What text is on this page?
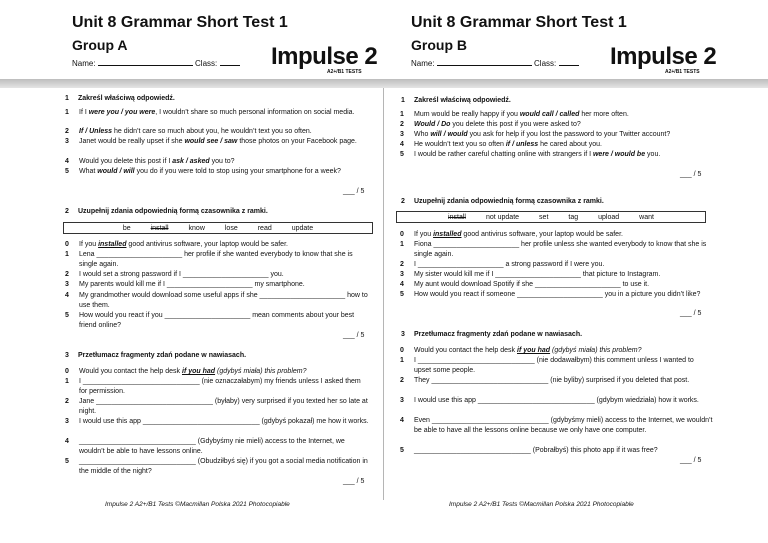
Unit 8 Grammar Short Test 1
Group A
Name:	Class:	Impulse 2
A2+/B1 TESTS
1 Zakreśl właściwą odpowiedź.
1	If I were you / you were, I wouldn’t share so much personal information on social media.
2	If / Unless he didn’t care so much about you, he wouldn’t text you so often.
3	Janet would be really upset if she would see / saw those photos on your Facebook page.
4	Would you delete this post if I ask / asked you to?
5	What would / will you do if you were told to stop using your smartphone for a week?
___ / 5
2 Uzupełnij zdania odpowiednią formą czasownika z ramki.
be	install	know	lose	read	update
0	If you installed good antivirus software, your laptop would be safer.
1	Lena ______________________ her profile if she wanted everybody to know that she is single again.
2	I would set a strong password if I ______________________ you.
3	My parents would kill me if I ______________________ my smartphone.
4	My grandmother would download some useful apps if she ______________________ how to use them.
5	How would you react if you ______________________ mean comments about your best friend online?
___ / 5
3 Przetłumacz fragmenty zdań podane w nawiasach.
0	Would you contact the help desk if you had (gdybyś miała) this problem?
1	I ______________________________ (nie oznaczałabym) my friends unless I asked them for permission.
2	Jane ______________________________ (byłaby) very surprised if you texted her so late at night.
3	I would use this app ______________________________ (gdybyś pokazał) me how it works.
4	______________________________ (Gdybyśmy nie mieli) access to the Internet, we wouldn’t be able to have lessons online.
5	______________________________ (Obudziłbyś się) if you got a social media notification in the middle of the night?
___ / 5
Impulse 2 A2+/B1 Tests ©Macmillan Polska 2021 Photocopiable
Unit 8 Grammar Short Test 1
Group B
Name:	Class:	Impulse 2
A2+/B1 TESTS
1 Zakreśl właściwą odpowiedź.
1	Mum would be really happy if you would call / called her more often.
2	Would / Do you delete this post if you were asked to?
3	Who will / would you ask for help if you lost the password to your Twitter account?
4	He wouldn’t text you so often if / unless he cared about you.
5	I would be rather careful chatting online with strangers if I were / would be you.
___ / 5
2 Uzupełnij zdania odpowiednią formą czasownika z ramki.
install	not update	set	tag	upload	want
0	If you installed good antivirus software, your laptop would be safer.
1	Fiona ______________________ her profile unless she wanted everybody to know that she is single again.
2	I ______________________ a strong password if I were you.
3	My sister would kill me if I ______________________ that picture to Instagram.
4	My aunt would download Spotify if she ______________________ to use it.
5	How would you react if someone ______________________ you in a picture you didn’t like?
___ / 5
3 Przetłumacz fragmenty zdań podane w nawiasach.
0	Would you contact the help desk if you had (gdybyś miała) this problem?
1	I ______________________________ (nie dodawałbym) this comment unless I wanted to upset some people.
2	They ______________________________ (nie byliby) surprised if you deleted that post.
3	I would use this app ______________________________ (gdybym wiedziała) how it works.
4	Even ______________________________ (gdybyśmy mieli) access to the Internet, we wouldn’t be able to have all the lessons online because we only have one computer.
5	______________________________ (Pobrałbyś) this photo app if it was free?
___ / 5
Impulse 2 A2+/B1 Tests ©Macmillan Polska 2021 Photocopiable
